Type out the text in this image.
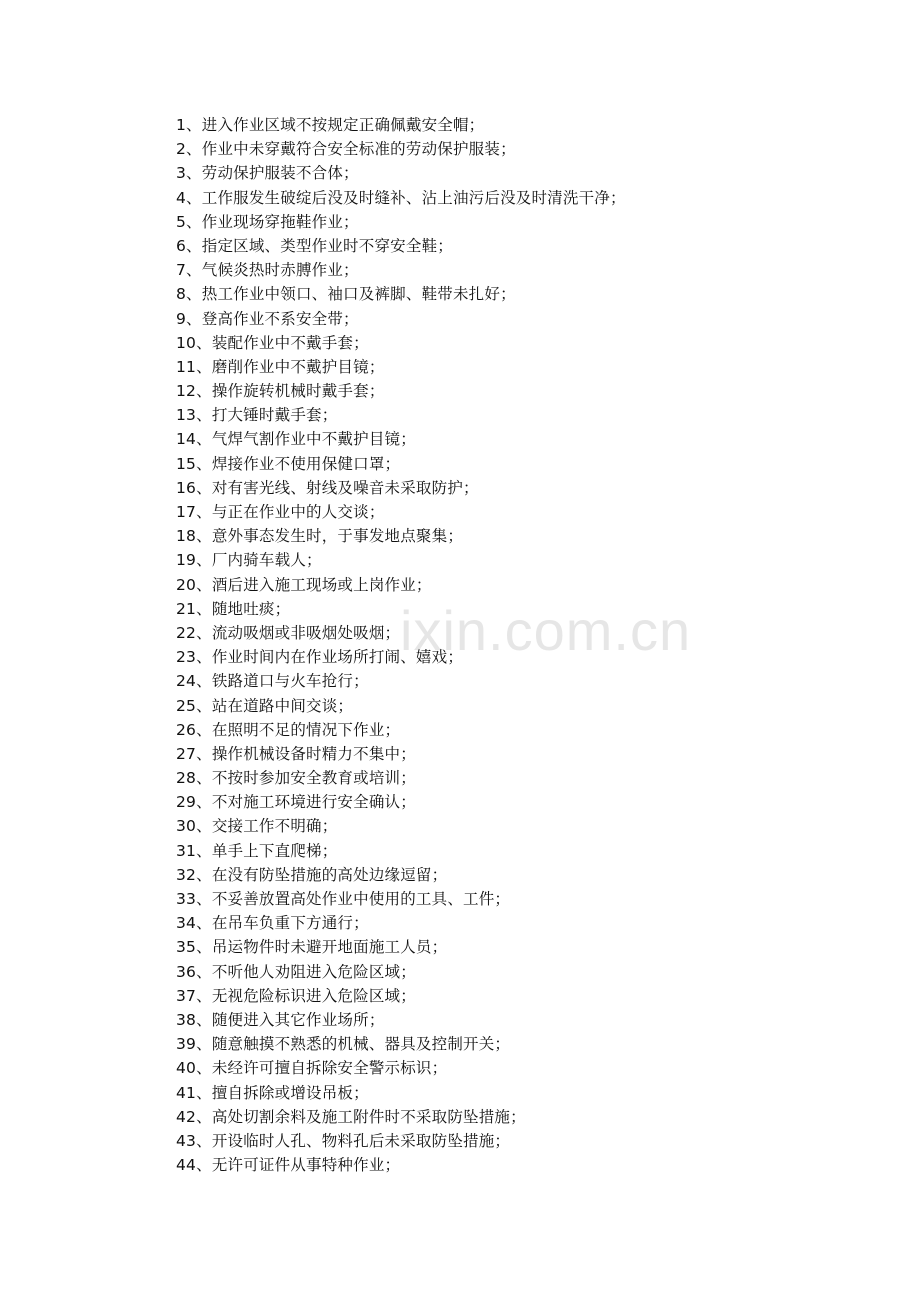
1、进入作业区域不按规定正确佩戴安全帽；
2、作业中未穿戴符合安全标准的劳动保护服装；
3、劳动保护服装不合体；
4、工作服发生破绽后没及时缝补、沾上油污后没及时清洗干净；
5、作业现场穿拖鞋作业；
6、指定区域、类型作业时不穿安全鞋；
7、气候炎热时赤膊作业；
8、热工作业中领口、袖口及裤脚、鞋带未扎好；
9、登高作业不系安全带；
10、装配作业中不戴手套；
11、磨削作业中不戴护目镜；
12、操作旋转机械时戴手套；
13、打大锤时戴手套；
14、气焊气割作业中不戴护目镜；
15、焊接作业不使用保健口罩；
16、对有害光线、射线及噪音未采取防护；
17、与正在作业中的人交谈；
18、意外事态发生时，于事发地点聚集；
19、厂内骑车载人；
20、酒后进入施工现场或上岗作业；
21、随地吐痰；
22、流动吸烟或非吸烟处吸烟；
23、作业时间内在作业场所打闹、嬉戏；
24、铁路道口与火车抢行；
25、站在道路中间交谈；
26、在照明不足的情况下作业；
27、操作机械设备时精力不集中；
28、不按时参加安全教育或培训；
29、不对施工环境进行安全确认；
30、交接工作不明确；
31、单手上下直爬梯；
32、在没有防坠措施的高处边缘逗留；
33、不妥善放置高处作业中使用的工具、工件；
34、在吊车负重下方通行；
35、吊运物件时未避开地面施工人员；
36、不听他人劝阻进入危险区域；
37、无视危险标识进入危险区域；
38、随便进入其它作业场所；
39、随意触摸不熟悉的机械、器具及控制开关；
40、未经许可擅自拆除安全警示标识；
41、擅自拆除或增设吊板；
42、高处切割余料及施工附件时不采取防坠措施；
43、开设临时人孔、物料孔后未采取防坠措施；
44、无许可证件从事特种作业；
ixin.com.cn
